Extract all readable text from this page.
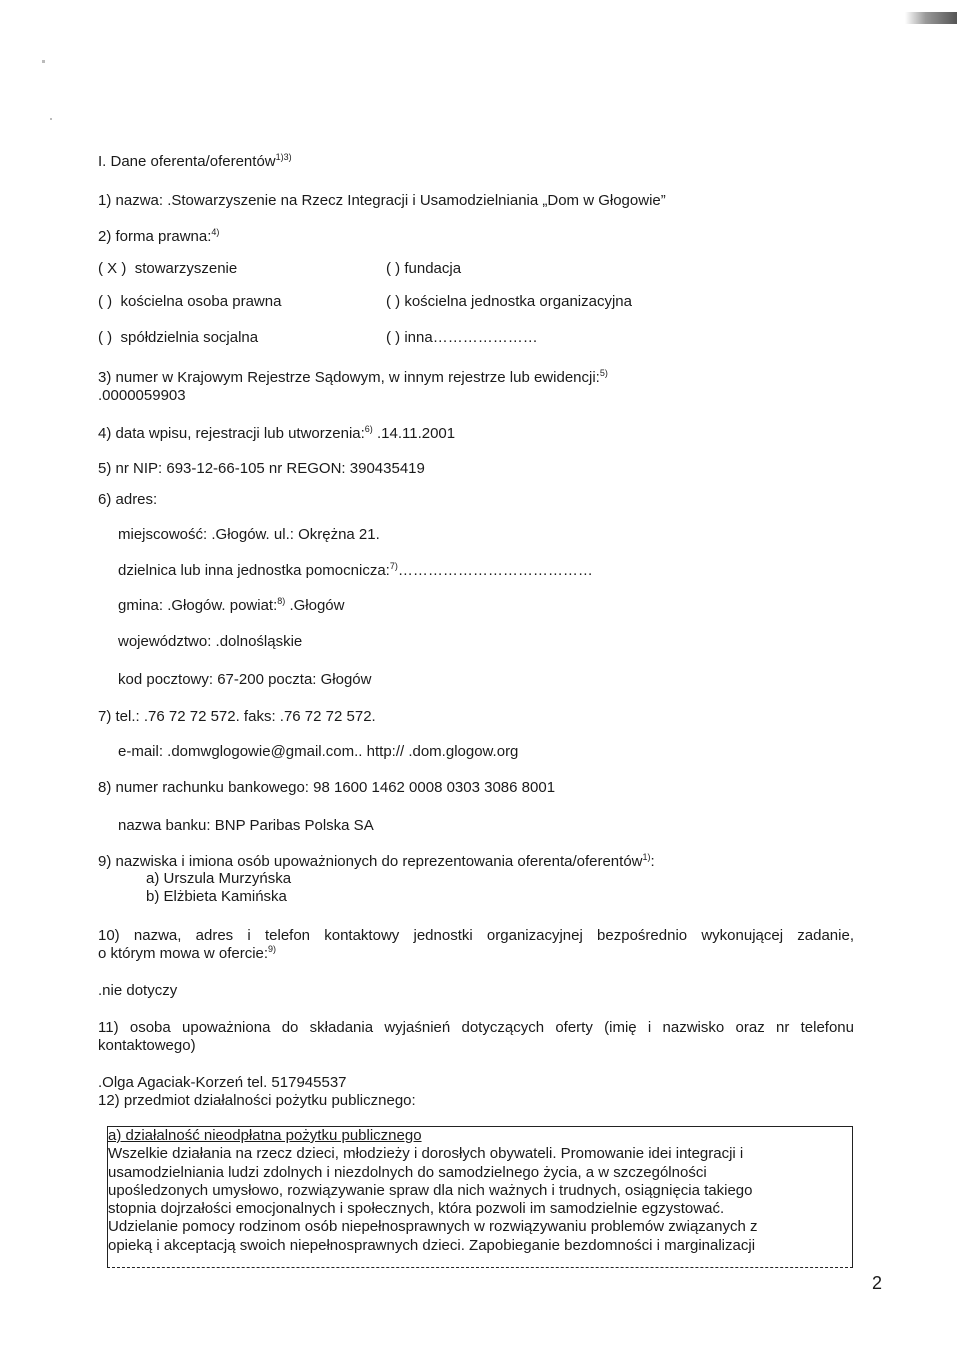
I. Dane oferenta/oferentów$^{1)3)}$
1) nazwa: .Stowarzyszenie na Rzecz Integracji i Usamodzielniania „Dom w Głogowie”
2) forma prawna:$^{4)}$
( X ) stowarzyszenie	( ) fundacja
( ) kościelna osoba prawna	( ) kościelna jednostka organizacyjna
( ) spółdzielnia socjalna	( ) inna…………………
3) numer w Krajowym Rejestrze Sądowym, w innym rejestrze lub ewidencji:$^{5)}$
.0000059903
4) data wpisu, rejestracji lub utworzenia:$^{6)}$ .14.11.2001
5) nr NIP: 693-12-66-105 nr REGON: 390435419
6) adres:
miejscowość: .Głogów. ul.: Okrężna 21.
dzielnica lub inna jednostka pomocnicza:$^{7)}$…………………………………
gmina: .Głogów. powiat:$^{8)}$ .Głogów
województwo: .dolnośląskie
kod pocztowy: 67-200 poczta: Głogów
7) tel.: .76 72 72 572. faks: .76 72 72 572.
e-mail: .domwglogowie@gmail.com.. http:// .dom.glogow.org
8) numer rachunku bankowego: 98 1600 1462 0008 0303 3086 8001
nazwa banku: BNP Paribas Polska SA
9) nazwiska i imiona osób upoważnionych do reprezentowania oferenta/oferentów$^{1)}$:
a) Urszula Murzyńska
b) Elżbieta Kamińska
10) nazwa, adres i telefon kontaktowy jednostki organizacyjnej bezpośrednio wykonującej zadanie,
o którym mowa w ofercie:$^{9)}$
.nie dotyczy
11) osoba upoważniona do składania wyjaśnień dotyczących oferty (imię i nazwisko oraz nr telefonu
kontaktowego)
.Olga Agaciak-Korzeń tel. 517945537
12) przedmiot działalności pożytku publicznego:
a) działalność nieodpłatna pożytku publicznego
Wszelkie działania na rzecz dzieci, młodzieży i dorosłych obywateli. Promowanie idei integracji i
usamodzielniania ludzi zdolnych i niezdolnych do samodzielnego życia, a w szczególności
upośledzonych umysłowo, rozwiązywanie spraw dla nich ważnych i trudnych, osiągnięcia takiego
stopnia dojrzałości emocjonalnych i społecznych, która pozwoli im samodzielnie egzystować.
Udzielanie pomocy rodzinom osób niepełnosprawnych w rozwiązywaniu problemów związanych z
opieką i akceptacją swoich niepełnosprawnych dzieci. Zapobieganie bezdomności i marginalizacji
2
